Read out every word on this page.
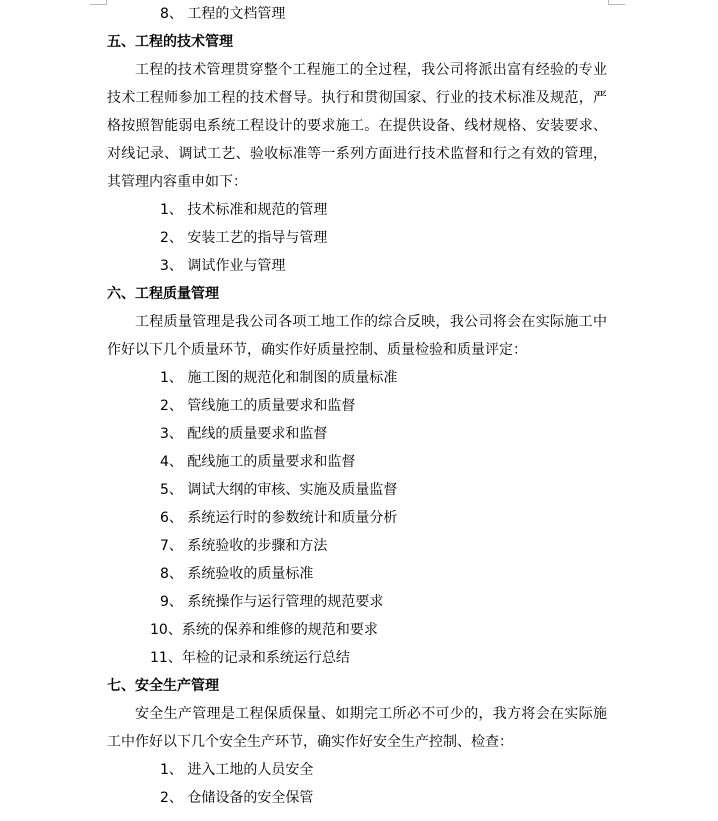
8、 工程的文档管理
五、工程的技术管理
工程的技术管理贯穿整个工程施工的全过程，我公司将派出富有经验的专业
技术工程师参加工程的技术督导。执行和贯彻国家、行业的技术标准及规范，严
格按照智能弱电系统工程设计的要求施工。在提供设备、线材规格、安装要求、
对线记录、调试工艺、验收标准等一系列方面进行技术监督和行之有效的管理，
其管理内容重申如下：
1、 技术标准和规范的管理
2、 安装工艺的指导与管理
3、 调试作业与管理
六、工程质量管理
工程质量管理是我公司各项工地工作的综合反映，我公司将会在实际施工中
作好以下几个质量环节，确实作好质量控制、质量检验和质量评定：
1、 施工图的规范化和制图的质量标准
2、 管线施工的质量要求和监督
3、 配线的质量要求和监督
4、 配线施工的质量要求和监督
5、 调试大纲的审核、实施及质量监督
6、 系统运行时的参数统计和质量分析
7、 系统验收的步骤和方法
8、 系统验收的质量标准
9、 系统操作与运行管理的规范要求
10、系统的保养和维修的规范和要求
11、年检的记录和系统运行总结
七、安全生产管理
安全生产管理是工程保质保量、如期完工所必不可少的，我方将会在实际施
工中作好以下几个安全生产环节，确实作好安全生产控制、检查：
1、 进入工地的人员安全
2、 仓储设备的安全保管
